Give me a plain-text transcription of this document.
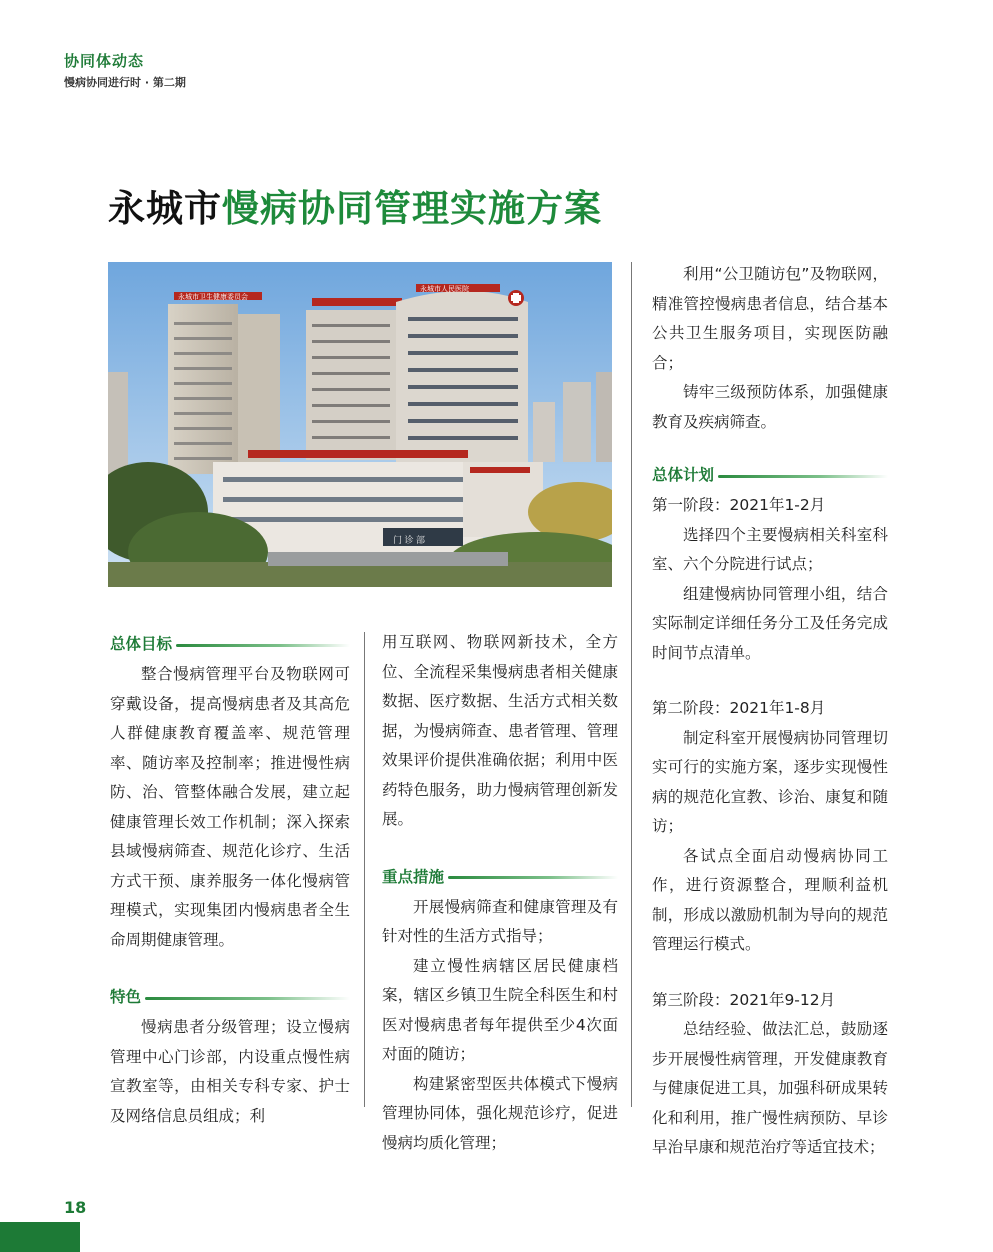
协同体动态
慢病协同进行时 · 第二期
永城市慢病协同管理实施方案
永城市卫生健康委员会
永城市人民医院
门 诊 部
总体目标

整合慢病管理平台及物联网可穿戴设备，提高慢病患者及其高危人群健康教育覆盖率、规范管理率、随访率及控制率；推进慢性病防、治、管整体融合发展，建立起健康管理长效工作机制；深入探索县域慢病筛查、规范化诊疗、生活方式干预、康养服务一体化慢病管理模式，实现集团内慢病患者全生命周期健康管理。

特色

慢病患者分级管理；设立慢病管理中心门诊部，内设重点慢性病宣教室等，由相关专科专家、护士及网络信息员组成；利

用互联网、物联网新技术，全方位、全流程采集慢病患者相关健康数据、医疗数据、生活方式相关数据，为慢病筛查、患者管理、管理效果评价提供准确依据；利用中医药特色服务，助力慢病管理创新发展。

重点措施

开展慢病筛查和健康管理及有针对性的生活方式指导；

建立慢性病辖区居民健康档案，辖区乡镇卫生院全科医生和村医对慢病患者每年提供至少4次面对面的随访；

构建紧密型医共体模式下慢病管理协同体，强化规范诊疗，促进慢病均质化管理；

利用“公卫随访包”及物联网，精准管控慢病患者信息，结合基本公共卫生服务项目，实现医防融合；

铸牢三级预防体系，加强健康教育及疾病筛查。

总体计划

第一阶段：2021年1-2月

选择四个主要慢病相关科室科室、六个分院进行试点；

组建慢病协同管理小组，结合实际制定详细任务分工及任务完成时间节点清单。

第二阶段：2021年1-8月

制定科室开展慢病协同管理切实可行的实施方案，逐步实现慢性病的规范化宣教、诊治、康复和随访；

各试点全面启动慢病协同工作，进行资源整合，理顺利益机制，形成以激励机制为导向的规范管理运行模式。

第三阶段：2021年9-12月

总结经验、做法汇总，鼓励逐步开展慢性病管理，开发健康教育与健康促进工具，加强科研成果转化和利用，推广慢性病预防、早诊早治早康和规范治疗等适宜技术；

18
